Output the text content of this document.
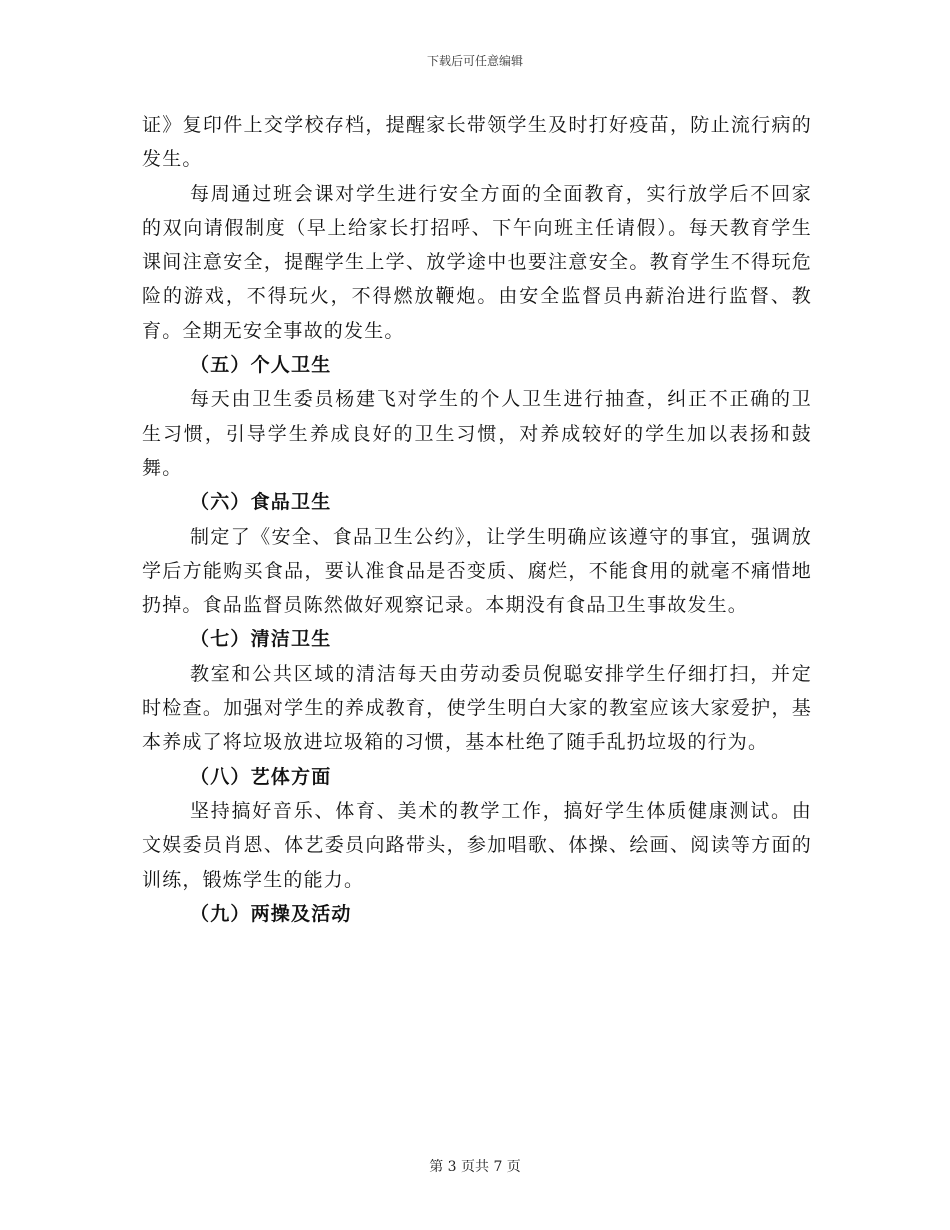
下载后可任意编辑

证》复印件上交学校存档，提醒家长带领学生及时打好疫苗，防止流行病的发生。

每周通过班会课对学生进行安全方面的全面教育，实行放学后不回家的双向请假制度（早上给家长打招呼、下午向班主任请假）。每天教育学生课间注意安全，提醒学生上学、放学途中也要注意安全。教育学生不得玩危险的游戏，不得玩火，不得燃放鞭炮。由安全监督员冉薪治进行监督、教育。全期无安全事故的发生。

（五）个人卫生

每天由卫生委员杨建飞对学生的个人卫生进行抽查，纠正不正确的卫生习惯，引导学生养成良好的卫生习惯，对养成较好的学生加以表扬和鼓舞。

（六）食品卫生

制定了《安全、食品卫生公约》，让学生明确应该遵守的事宜，强调放学后方能购买食品，要认准食品是否变质、腐烂，不能食用的就毫不痛惜地扔掉。食品监督员陈然做好观察记录。本期没有食品卫生事故发生。

（七）清洁卫生

教室和公共区域的清洁每天由劳动委员倪聪安排学生仔细打扫，并定时检查。加强对学生的养成教育，使学生明白大家的教室应该大家爱护，基本养成了将垃圾放进垃圾箱的习惯，基本杜绝了随手乱扔垃圾的行为。

（八）艺体方面

坚持搞好音乐、体育、美术的教学工作，搞好学生体质健康测试。由文娱委员肖恩、体艺委员向路带头，参加唱歌、体操、绘画、阅读等方面的训练，锻炼学生的能力。

（九）两操及活动

第 3 页共 7 页
